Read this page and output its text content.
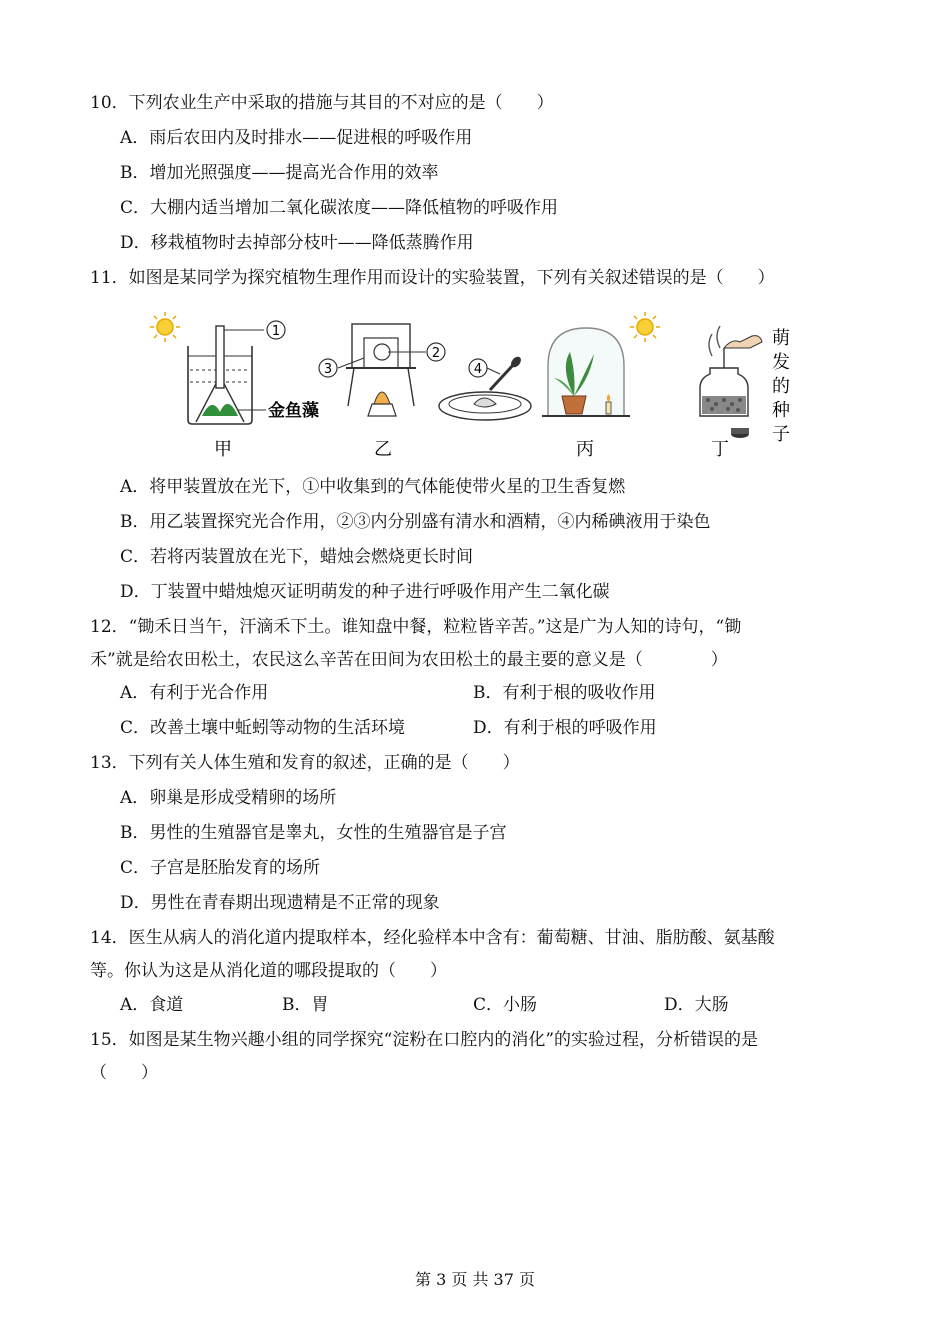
10．下列农业生产中采取的措施与其目的不对应的是（　　）
A．雨后农田内及时排水——促进根的呼吸作用
B．增加光照强度——提高光合作用的效率
C．大棚内适当增加二氧化碳浓度——降低植物的呼吸作用
D．移栽植物时去掉部分枝叶——降低蒸腾作用
11．如图是某同学为探究植物生理作用而设计的实验装置，下列有关叙述错误的是（　　）
1
金鱼藻
甲
2
3
乙
4
丙	丁
萌
发
的
种
子
A．将甲装置放在光下，①中收集到的气体能使带火星的卫生香复燃
B．用乙装置探究光合作用，②③内分别盛有清水和酒精，④内稀碘液用于染色
C．若将丙装置放在光下，蜡烛会燃烧更长时间
D．丁装置中蜡烛熄灭证明萌发的种子进行呼吸作用产生二氧化碳
12．“锄禾日当午，汗滴禾下土。谁知盘中餐，粒粒皆辛苦。”这是广为人知的诗句，“锄
禾”就是给农田松土，农民这么辛苦在田间为农田松土的最主要的意义是（　　　　）
A．有利于光合作用	B．有利于根的吸收作用
C．改善土壤中蚯蚓等动物的生活环境	D．有利于根的呼吸作用
13．下列有关人体生殖和发育的叙述，正确的是（　　）
A．卵巢是形成受精卵的场所
B．男性的生殖器官是睾丸，女性的生殖器官是子宫
C．子宫是胚胎发育的场所
D．男性在青春期出现遗精是不正常的现象
14．医生从病人的消化道内提取样本，经化验样本中含有：葡萄糖、甘油、脂肪酸、氨基酸
等。你认为这是从消化道的哪段提取的（　　）
A．食道	B．胃	C．小肠	D．大肠
15．如图是某生物兴趣小组的同学探究“淀粉在口腔内的消化”的实验过程，分析错误的是
（　　）
第 3 页 共 37 页
